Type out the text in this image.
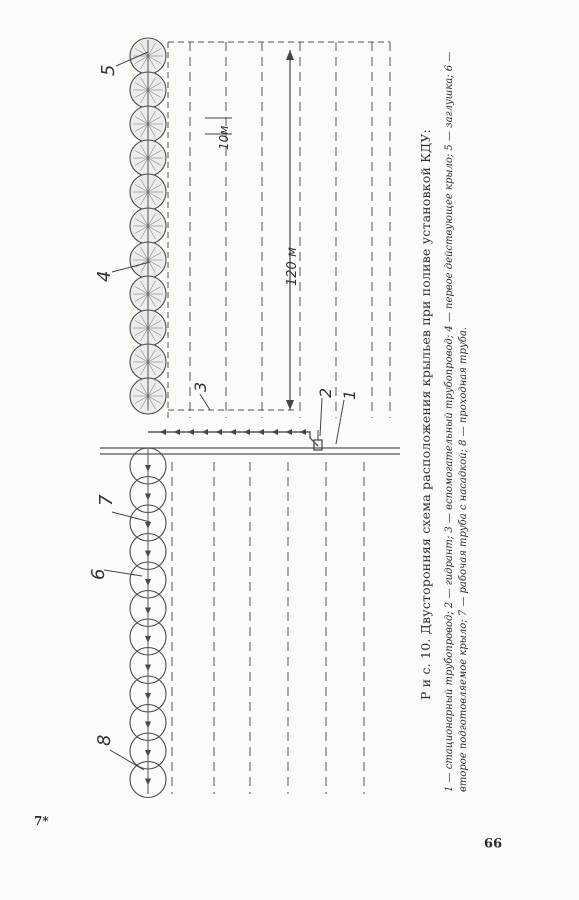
120 м
10м
1
2
3
4
5
6
7
8
Р и с. 10. Двусторонняя схема расположения крыльев при поливе установкой КДУ: 1 — стационарный трубопровод; 2 — гидрант; 3 — вспомогательный трубопровод; 4 — первое действующее крыло; 5 — заглушка; 6 — второе подготовляемое крыло; 7 — рабочая труба с насадкой; 8 — проходная труба.
7*
99
